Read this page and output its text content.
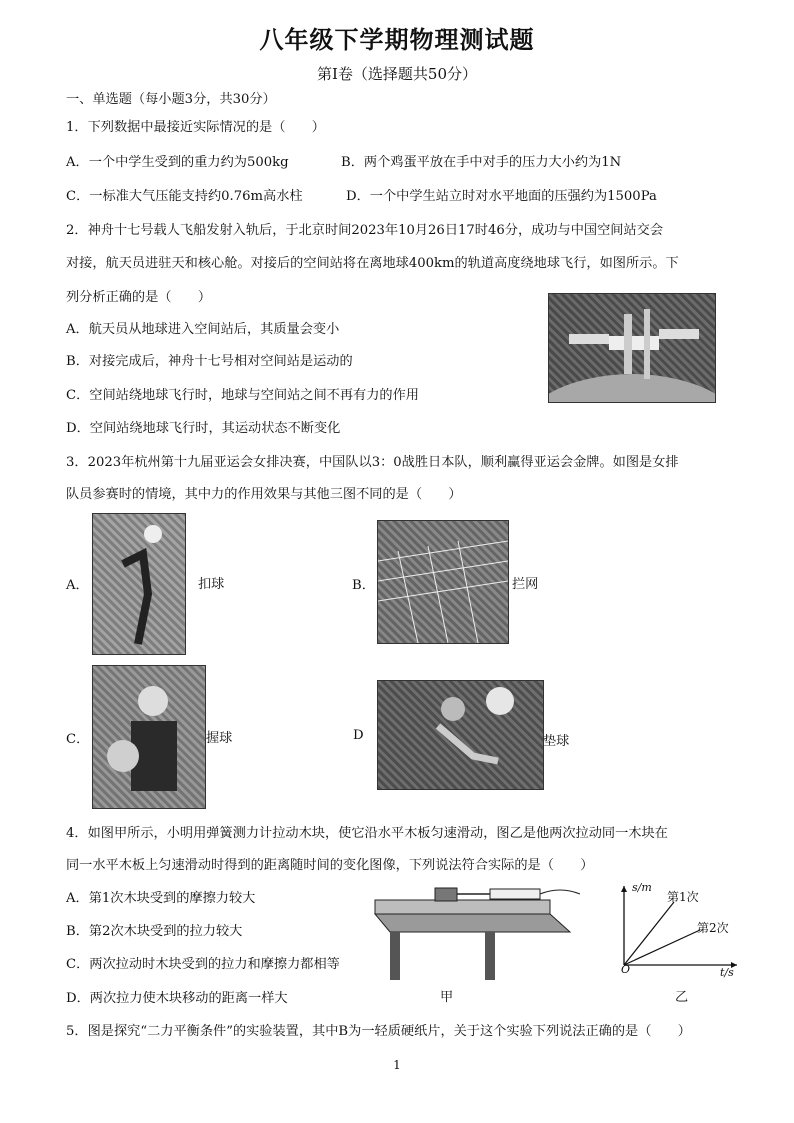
八年级下学期物理测试题
第Ⅰ卷（选择题共50分）
一、单选题（每小题3分，共30分）
1．下列数据中最接近实际情况的是（　　）
A．一个中学生受到的重力约为500kg	B．两个鸡蛋平放在手中对手的压力大小约为1N
C．一标准大气压能支持约0.76m高水柱	D．一个中学生站立时对水平地面的压强约为1500Pa
2．神舟十七号载人飞船发射入轨后，于北京时间2023年10月26日17时46分，成功与中国空间站交会
对接，航天员进驻天和核心舱。对接后的空间站将在离地球400km的轨道高度绕地球飞行，如图所示。下
列分析正确的是（　　）
A．航天员从地球进入空间站后，其质量会变小
B．对接完成后，神舟十七号相对空间站是运动的
C．空间站绕地球飞行时，地球与空间站之间不再有力的作用
D．空间站绕地球飞行时，其运动状态不断变化
3．2023年杭州第十九届亚运会女排决赛，中国队以3：0战胜日本队，顺利赢得亚运会金牌。如图是女排
队员参赛时的情境，其中力的作用效果与其他三图不同的是（　　）
A．	扣球	B．	拦网
C．	握球	D	垫球
4．如图甲所示，小明用弹簧测力计拉动木块，使它沿水平木板匀速滑动，图乙是他两次拉动同一木块在
同一水平木板上匀速滑动时得到的距离随时间的变化图像，下列说法符合实际的是（　　）
A．第1次木块受到的摩擦力较大
B．第2次木块受到的拉力较大
C．两次拉动时木块受到的拉力和摩擦力都相等
D．两次拉力使木块移动的距离一样大	甲
s/m
t/s
O
第1次
第2次
乙
5．图是探究“二力平衡条件”的实验装置，其中B为一轻质硬纸片，关于这个实验下列说法正确的是（　　）
1
